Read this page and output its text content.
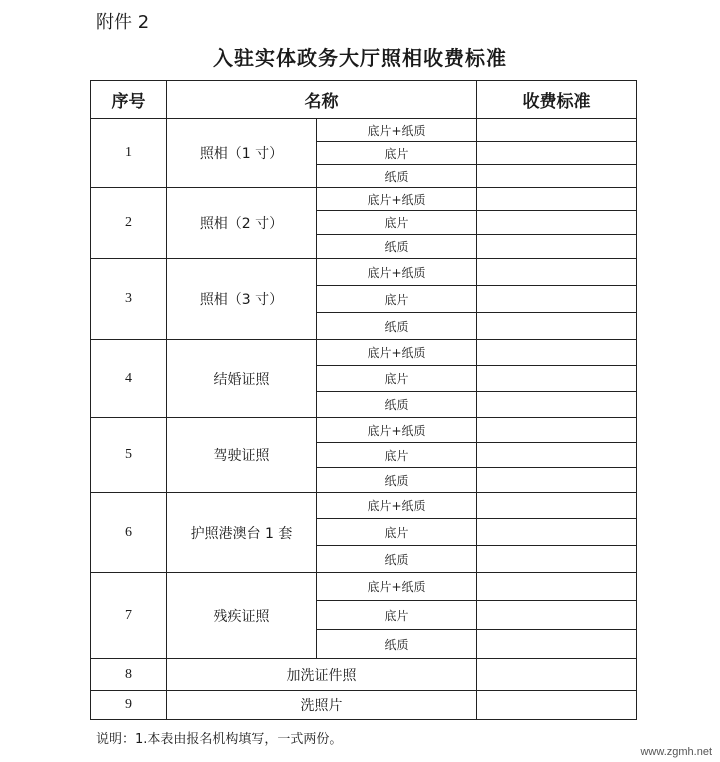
附件 2
入驻实体政务大厅照相收费标准
序号	名称		收费标准
1	照相（1 寸）	底片+纸质	
		底片	
		纸质	
2	照相（2 寸）	底片+纸质	
		底片	
		纸质	
3	照相（3 寸）	底片+纸质	
		底片	
		纸质	
4	结婚证照	底片+纸质	
		底片	
		纸质	
5	驾驶证照	底片+纸质	
		底片	
		纸质	
6	护照港澳台 1 套	底片+纸质	
		底片	
		纸质	
7	残疾证照	底片+纸质	
		底片	
		纸质	
8	加洗证件照		
9	洗照片		
说明：1.本表由报名机构填写，一式两份。
www.zgmh.net
